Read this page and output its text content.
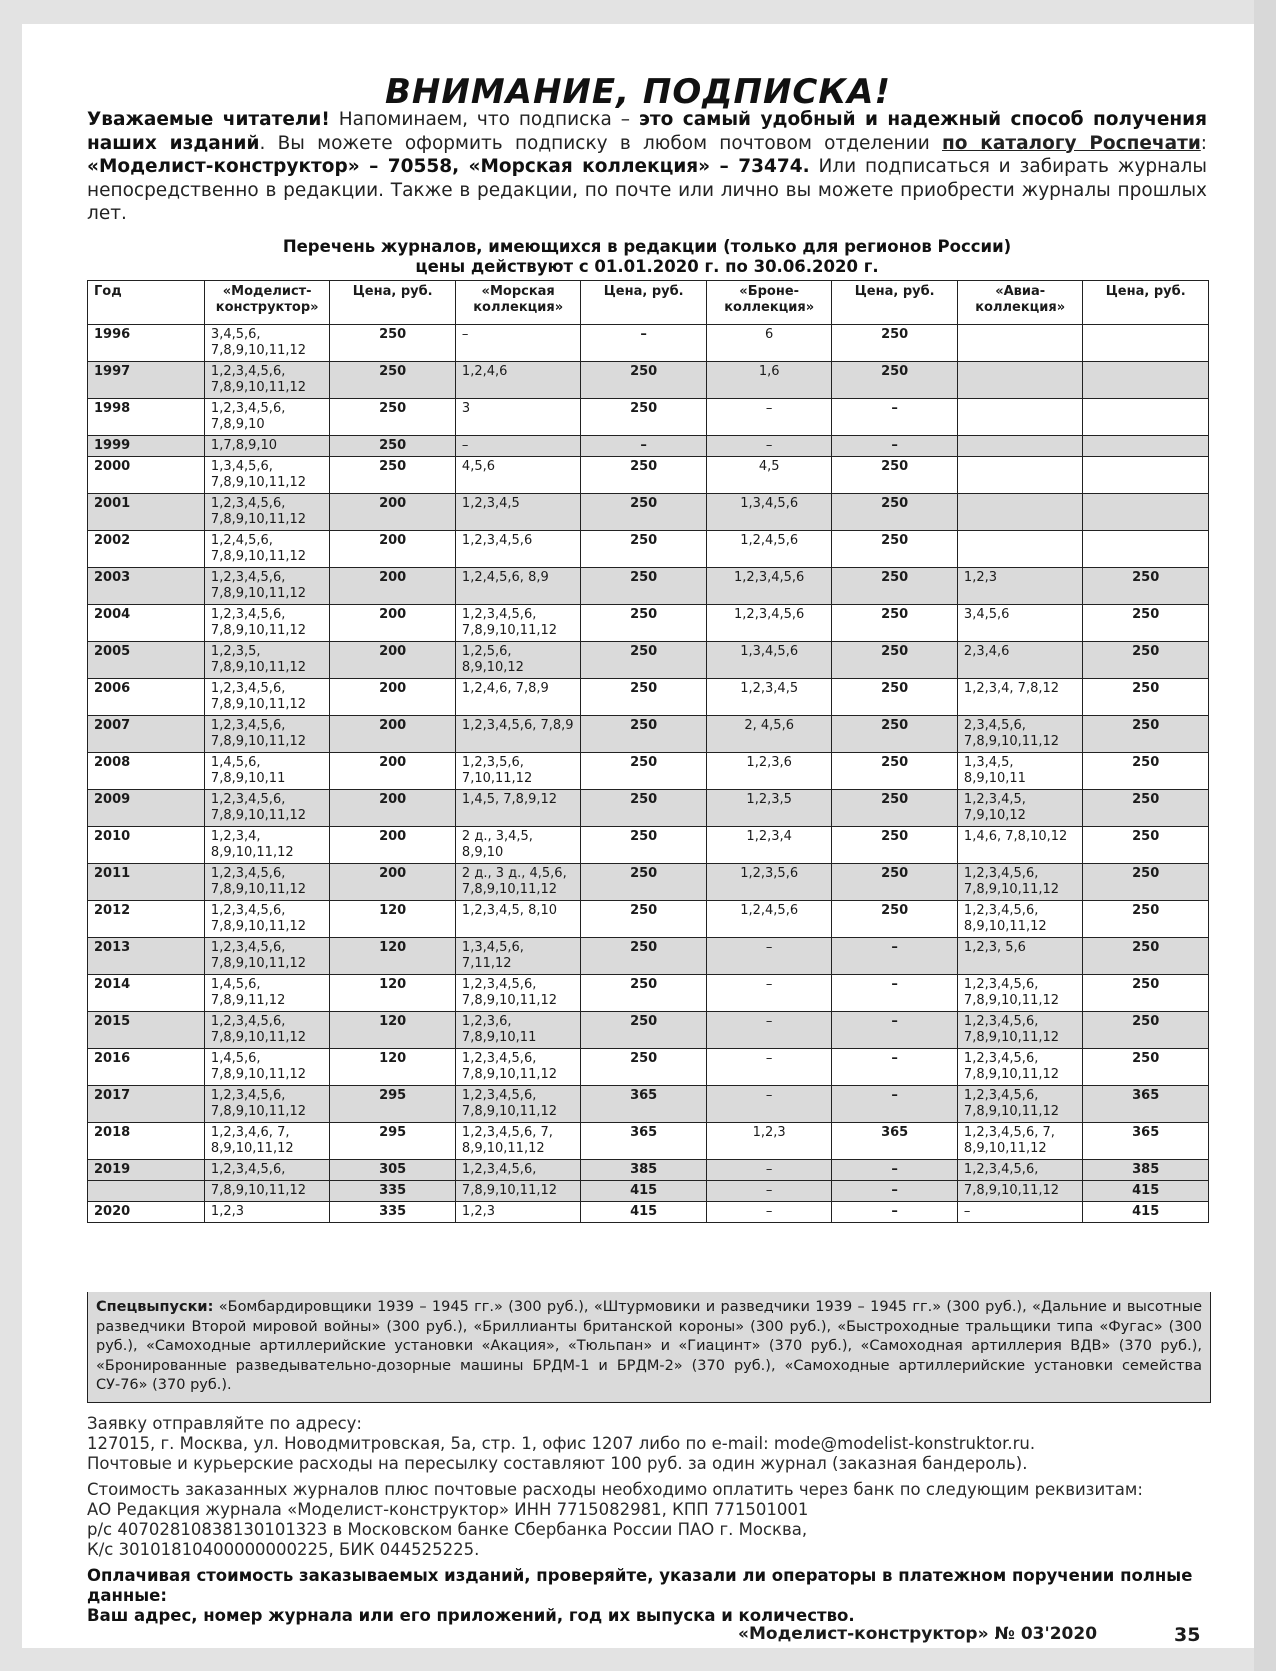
ВНИМАНИЕ, ПОДПИСКА!
Уважаемые читатели! Напоминаем, что подписка – это самый удобный и надежный способ получения наших изданий. Вы можете оформить подписку в любом почтовом отделении по каталогу Роспечати: «Моделист-конструктор» – 70558, «Морская коллекция» – 73474. Или подписаться и забирать журналы непосредственно в редакции. Также в редакции, по почте или лично вы можете приобрести журналы прошлых лет.
Перечень журналов, имеющихся в редакции (только для регионов России)
цены действуют с 01.01.2020 г. по 30.06.2020 г.
Год	«Моделист-конструктор»	Цена, руб.	«Морская коллекция»	Цена, руб.	«Броне-коллекция»	Цена, руб.	«Авиа-коллекция»	Цена, руб.
1996	3,4,5,6, 7,8,9,10,11,12	250	–	–	6	250		
1997	1,2,3,4,5,6, 7,8,9,10,11,12	250	1,2,4,6	250	1,6	250		
1998	1,2,3,4,5,6, 7,8,9,10	250	3	250	–	–		
1999	1,7,8,9,10	250	–	–	–	–		
2000	1,3,4,5,6, 7,8,9,10,11,12	250	4,5,6	250	4,5	250		
2001	1,2,3,4,5,6, 7,8,9,10,11,12	200	1,2,3,4,5	250	1,3,4,5,6	250		
2002	1,2,4,5,6, 7,8,9,10,11,12	200	1,2,3,4,5,6	250	1,2,4,5,6	250		
2003	1,2,3,4,5,6, 7,8,9,10,11,12	200	1,2,4,5,6, 8,9	250	1,2,3,4,5,6	250	1,2,3	250
2004	1,2,3,4,5,6, 7,8,9,10,11,12	200	1,2,3,4,5,6, 7,8,9,10,11,12	250	1,2,3,4,5,6	250	3,4,5,6	250
2005	1,2,3,5, 7,8,9,10,11,12	200	1,2,5,6, 8,9,10,12	250	1,3,4,5,6	250	2,3,4,6	250
2006	1,2,3,4,5,6, 7,8,9,10,11,12	200	1,2,4,6, 7,8,9	250	1,2,3,4,5	250	1,2,3,4, 7,8,12	250
2007	1,2,3,4,5,6, 7,8,9,10,11,12	200	1,2,3,4,5,6, 7,8,9	250	2, 4,5,6	250	2,3,4,5,6, 7,8,9,10,11,12	250
2008	1,4,5,6, 7,8,9,10,11	200	1,2,3,5,6, 7,10,11,12	250	1,2,3,6	250	1,3,4,5, 8,9,10,11	250
2009	1,2,3,4,5,6, 7,8,9,10,11,12	200	1,4,5, 7,8,9,12	250	1,2,3,5	250	1,2,3,4,5, 7,9,10,12	250
2010	1,2,3,4, 8,9,10,11,12	200	2 д., 3,4,5, 8,9,10	250	1,2,3,4	250	1,4,6, 7,8,10,12	250
2011	1,2,3,4,5,6, 7,8,9,10,11,12	200	2 д., 3 д., 4,5,6, 7,8,9,10,11,12	250	1,2,3,5,6	250	1,2,3,4,5,6, 7,8,9,10,11,12	250
2012	1,2,3,4,5,6, 7,8,9,10,11,12	120	1,2,3,4,5, 8,10	250	1,2,4,5,6	250	1,2,3,4,5,6, 8,9,10,11,12	250
2013	1,2,3,4,5,6, 7,8,9,10,11,12	120	1,3,4,5,6, 7,11,12	250	–	–	1,2,3, 5,6	250
2014	1,4,5,6, 7,8,9,11,12	120	1,2,3,4,5,6, 7,8,9,10,11,12	250	–	–	1,2,3,4,5,6, 7,8,9,10,11,12	250
2015	1,2,3,4,5,6, 7,8,9,10,11,12	120	1,2,3,6, 7,8,9,10,11	250	–	–	1,2,3,4,5,6, 7,8,9,10,11,12	250
2016	1,4,5,6, 7,8,9,10,11,12	120	1,2,3,4,5,6, 7,8,9,10,11,12	250	–	–	1,2,3,4,5,6, 7,8,9,10,11,12	250
2017	1,2,3,4,5,6, 7,8,9,10,11,12	295	1,2,3,4,5,6, 7,8,9,10,11,12	365	–	–	1,2,3,4,5,6, 7,8,9,10,11,12	365
2018	1,2,3,4,6, 7, 8,9,10,11,12	295	1,2,3,4,5,6, 7, 8,9,10,11,12	365	1,2,3	365	1,2,3,4,5,6, 7, 8,9,10,11,12	365
2019	1,2,3,4,5,6,	305	1,2,3,4,5,6,	385	–	–	1,2,3,4,5,6,	385
	7,8,9,10,11,12	335	7,8,9,10,11,12	415	–	–	7,8,9,10,11,12	415
2020	1,2,3	335	1,2,3	415	–	–	–	415
Спецвыпуски: «Бомбардировщики 1939 – 1945 гг.» (300 руб.), «Штурмовики и разведчики 1939 – 1945 гг.» (300 руб.), «Дальние и высотные разведчики Второй мировой войны» (300 руб.), «Бриллианты британской короны» (300 руб.), «Быстроходные тральщики типа «Фугас» (300 руб.), «Самоходные артиллерийские установки «Акация», «Тюльпан» и «Гиацинт» (370 руб.), «Самоходная артиллерия ВДВ» (370 руб.), «Бронированные разведывательно-дозорные машины БРДМ-1 и БРДМ-2» (370 руб.), «Самоходные артиллерийские установки семейства СУ-76» (370 руб.).

Заявку отправляйте по адресу:

127015, г. Москва, ул. Новодмитровская, 5а, стр. 1, офис 1207 либо по e-mail: mode@modelist-konstruktor.ru.

Почтовые и курьерские расходы на пересылку составляют 100 руб. за один журнал (заказная бандероль).

Стоимость заказанных журналов плюс почтовые расходы необходимо оплатить через банк по следующим реквизитам:

АО Редакция журнала «Моделист-конструктор» ИНН 7715082981, КПП 771501001

р/с 40702810838130101323 в Московском банке Сбербанка России ПАО г. Москва,

К/с 30101810400000000225, БИК 044525225.

Оплачивая стоимость заказываемых изданий, проверяйте, указали ли операторы в платежном поручении полные данные:

Ваш адрес, номер журнала или его приложений, год их выпуска и количество.

«Моделист-конструктор» № 03'2020	35
